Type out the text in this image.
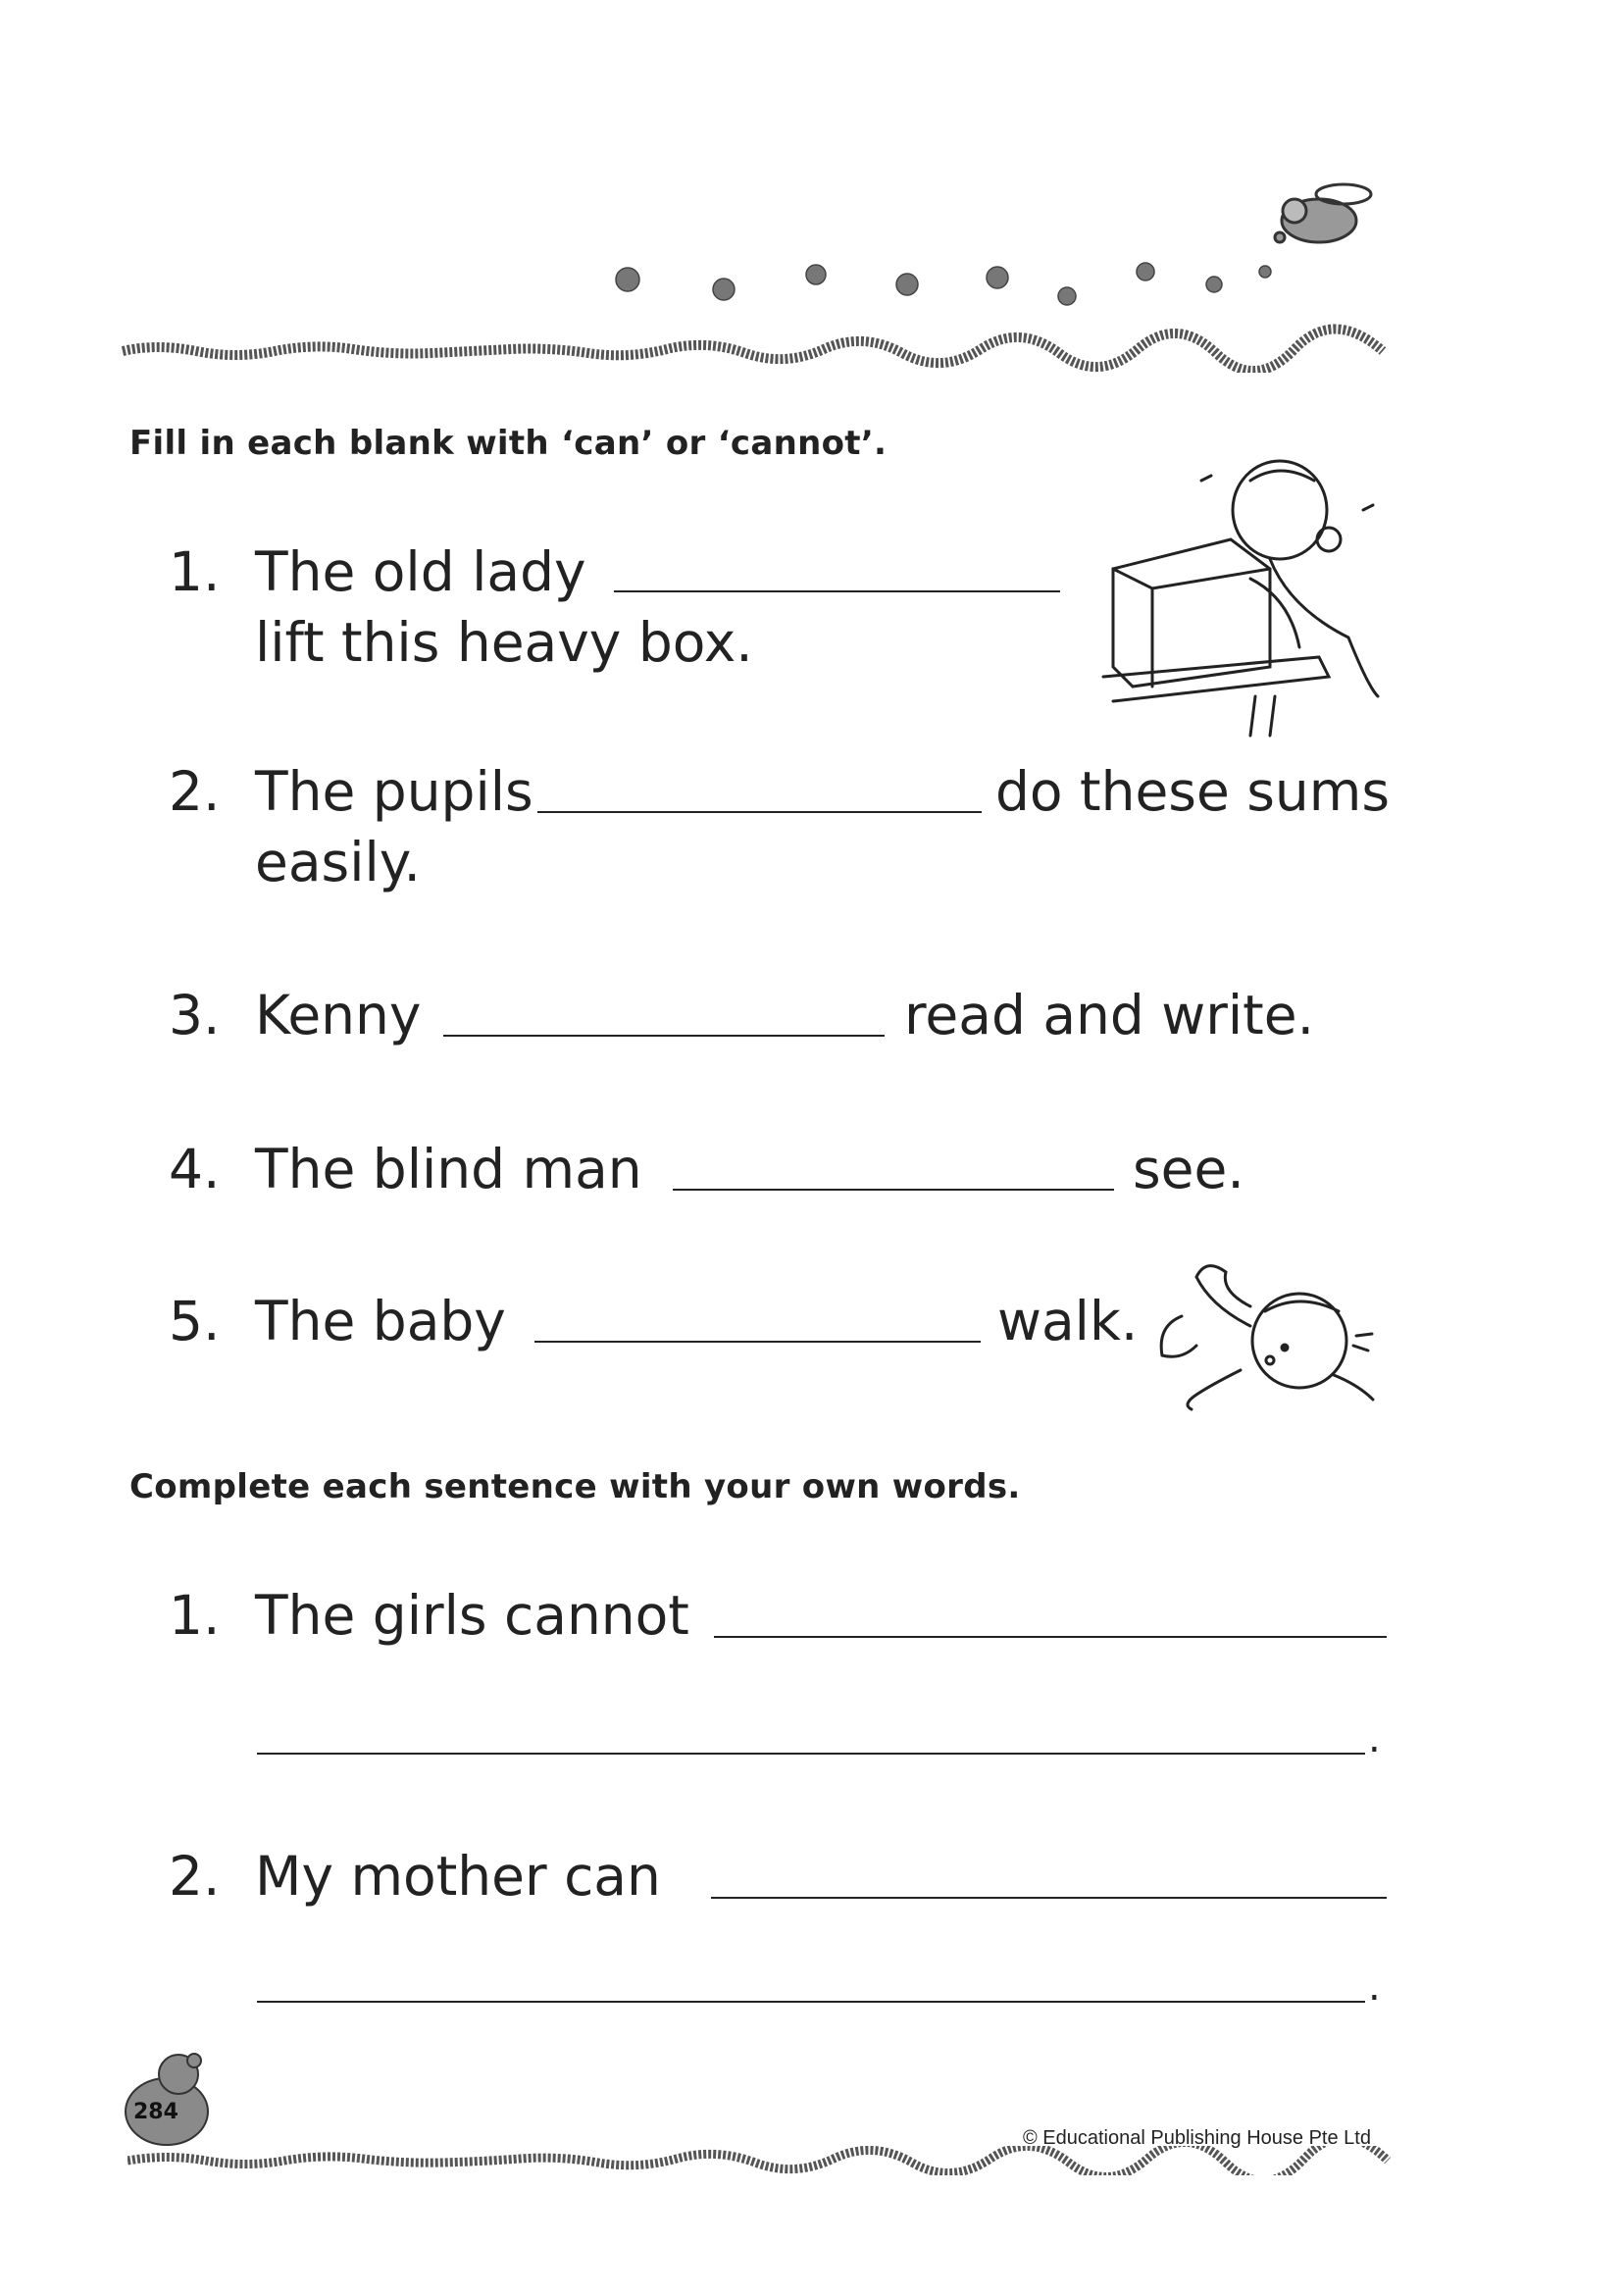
Fill in each blank with ‘can’ or ‘cannot’.
1. The old lady
lift this heavy box.
2. The pupils	do these sums
easily.
3. Kenny	read and write.
4. The blind man	see.
5. The baby	walk.
Complete each sentence with your own words.
1. The girls cannot
.
2. My mother can
.
284
© Educational Publishing House Pte Ltd
